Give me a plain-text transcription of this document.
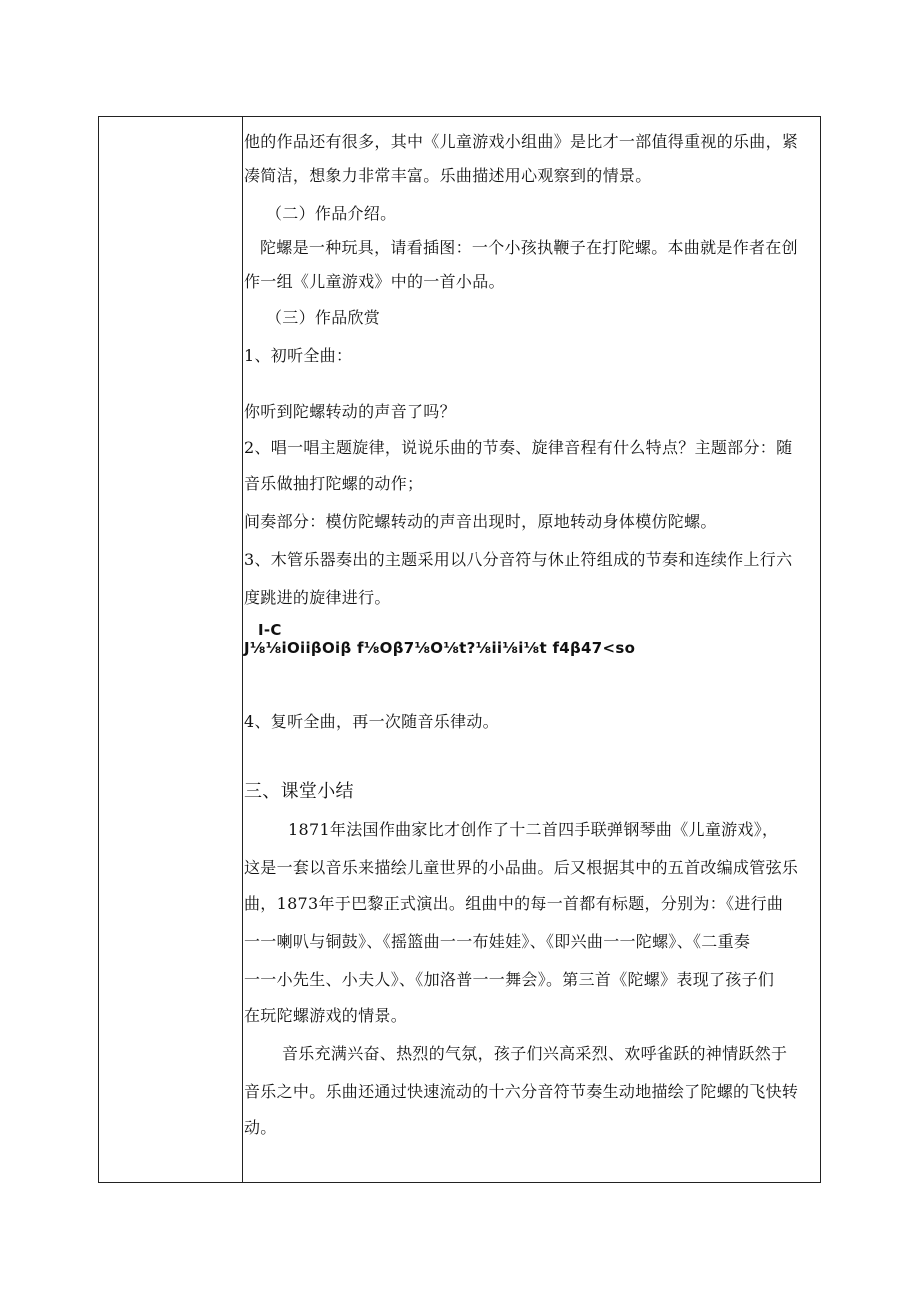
他的作品还有很多，其中《儿童游戏小组曲》是比才一部值得重视的乐曲，紧
凑简洁，想象力非常丰富。乐曲描述用心观察到的情景。
（二）作品介绍。
陀螺是一种玩具，请看插图：一个小孩执鞭子在打陀螺。本曲就是作者在创
作一组《儿童游戏》中的一首小品。
（三）作品欣赏
1、初听全曲：
你听到陀螺转动的声音了吗？
2、唱一唱主题旋律，说说乐曲的节奏、旋律音程有什么特点？主题部分：随
音乐做抽打陀螺的动作；
间奏部分：模仿陀螺转动的声音出现时，原地转动身体模仿陀螺。
3、木管乐器奏出的主题采用以八分音符与休止符组成的节奏和连续作上行六
度跳进的旋律进行。
I-C
J⅛⅛iOiiβOiβ f⅛Oβ7⅛O⅛t?⅛ii⅛i⅛t f4β47<so
4、复听全曲，再一次随音乐律动。
三、课堂小结
1871年法国作曲家比才创作了十二首四手联弹钢琴曲《儿童游戏》，
这是一套以音乐来描绘儿童世界的小品曲。后又根据其中的五首改编成管弦乐
曲，1873年于巴黎正式演出。组曲中的每一首都有标题，分别为：《进行曲
一一喇叭与铜鼓》、《摇篮曲一一布娃娃》、《即兴曲一一陀螺》、《二重奏
一一小先生、小夫人》、《加洛普一一舞会》。第三首《陀螺》表现了孩子们
在玩陀螺游戏的情景。
音乐充满兴奋、热烈的气氛，孩子们兴高采烈、欢呼雀跃的神情跃然于
音乐之中。乐曲还通过快速流动的十六分音符节奏生动地描绘了陀螺的飞快转
动。
